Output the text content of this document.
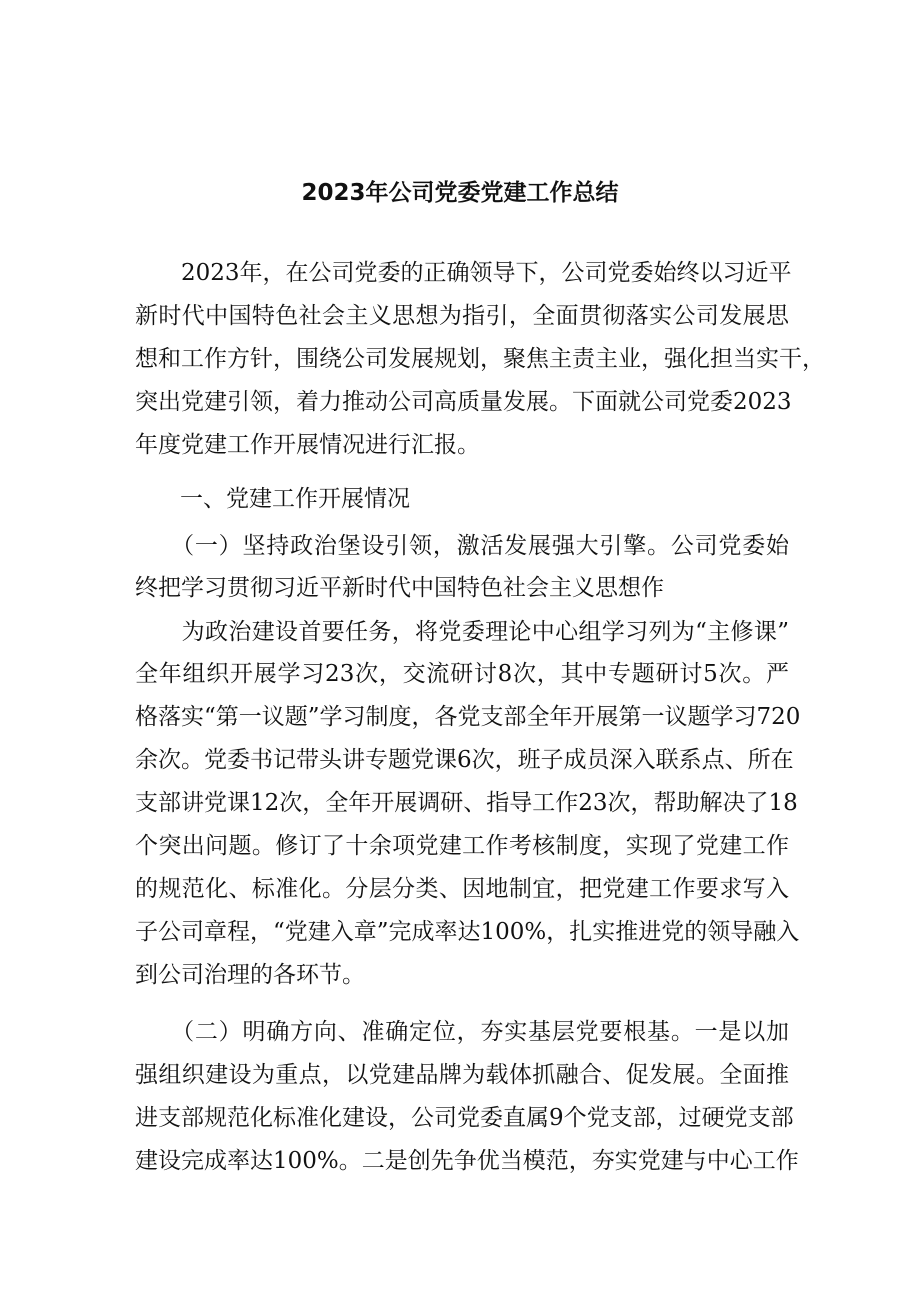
2023年公司党委党建工作总结
　　2023年，在公司党委的正确领导下，公司党委始终以习近平
新时代中国特色社会主义思想为指引，全面贯彻落实公司发展思
想和工作方针，围绕公司发展规划，聚焦主责主业，强化担当实干，
突出党建引领，着力推动公司高质量发展。下面就公司党委2023
年度党建工作开展情况进行汇报。
一、党建工作开展情况
　　（一）坚持政治堡设引领，激活发展强大引擎。公司党委始
终把学习贯彻习近平新时代中国特色社会主义思想作
　　为政治建设首要任务，将党委理论中心组学习列为“主修课”
全年组织开展学习23次，交流研讨8次，其中专题研讨5次。严
格落实“第一议题”学习制度，各党支部全年开展第一议题学习720
余次。党委书记带头讲专题党课6次，班子成员深入联系点、所在
支部讲党课12次，全年开展调研、指导工作23次，帮助解决了18
个突出问题。修订了十余项党建工作考核制度，实现了党建工作
的规范化、标准化。分层分类、因地制宜，把党建工作要求写入
子公司章程，“党建入章”完成率达100%，扎实推进党的领导融入
到公司治理的各环节。
　　（二）明确方向、准确定位，夯实基层党要根基。一是以加
强组织建设为重点，以党建品牌为载体抓融合、促发展。全面推
进支部规范化标准化建设，公司党委直属9个党支部，过硬党支部
建设完成率达100%。二是创先争优当模范，夯实党建与中心工作
